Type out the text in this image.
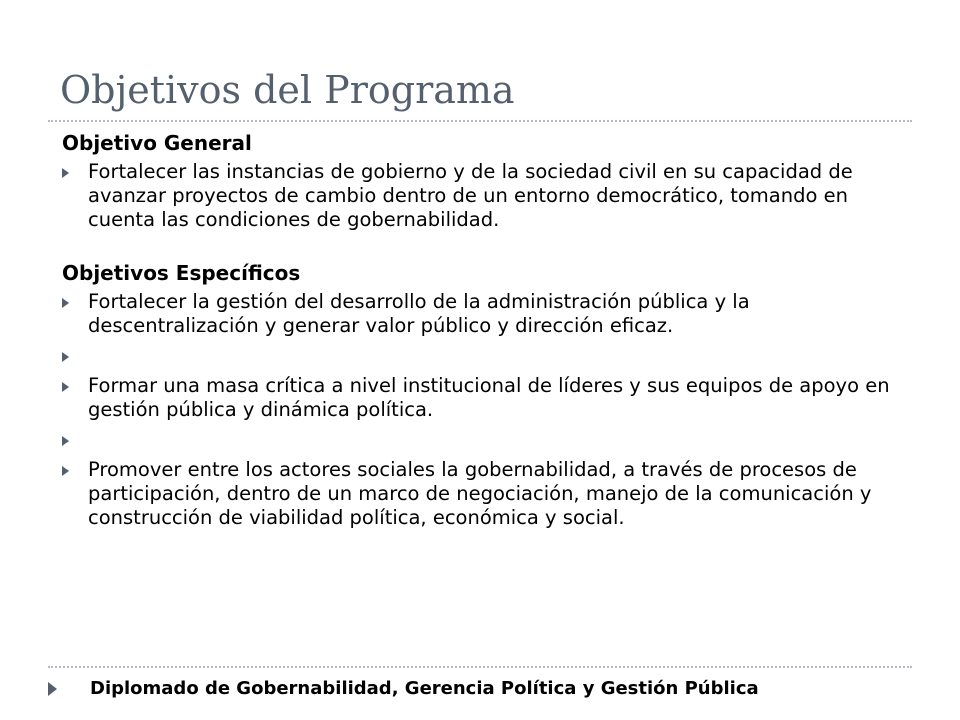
Objetivos del Programa
Objetivo General
Fortalecer las instancias de gobierno y de la sociedad civil en su capacidad de avanzar proyectos de cambio dentro de un entorno democrático, tomando en cuenta las condiciones de gobernabilidad.
Objetivos Específicos
Fortalecer la gestión del desarrollo de la administración pública y la descentralización y generar valor público y dirección eficaz.
Formar una masa crítica a nivel institucional de líderes y sus equipos de apoyo en gestión pública y dinámica política.
Promover entre los actores sociales la gobernabilidad, a través de procesos de participación, dentro de un marco de negociación, manejo de la comunicación y construcción de viabilidad política, económica y social.
Diplomado de Gobernabilidad, Gerencia Política y Gestión Pública
